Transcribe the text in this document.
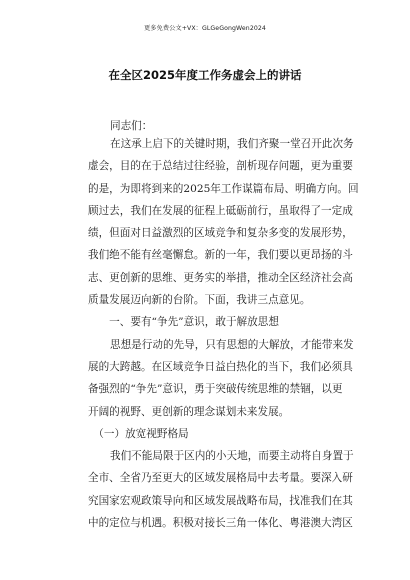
更多免费公文+VX：GLGeGongWen2024
在全区2025年度工作务虚会上的讲话
同志们：
在这承上启下的关键时期，我们齐聚一堂召开此次务
虚会，目的在于总结过往经验，剖析现存问题，更为重要
的是，为即将到来的2025年工作谋篇布局、明确方向。回
顾过去，我们在发展的征程上砥砺前行，虽取得了一定成
绩，但面对日益激烈的区域竞争和复杂多变的发展形势，
我们绝不能有丝毫懈怠。新的一年，我们要以更昂扬的斗
志、更创新的思维、更务实的举措，推动全区经济社会高
质量发展迈向新的台阶。下面，我讲三点意见。
　　一、要有“争先”意识，敢于解放思想
思想是行动的先导，只有思想的大解放，才能带来发
展的大跨越。在区域竞争日益白热化的当下，我们必须具
备强烈的“争先”意识，勇于突破传统思维的禁锢，以更
开阔的视野、更创新的理念谋划未来发展。
　（一）放宽视野格局
我们不能局限于区内的小天地，而要主动将自身置于
全市、全省乃至更大的区域发展格局中去考量。要深入研
究国家宏观政策导向和区域发展战略布局，找准我们在其
中的定位与机遇。积极对接长三角一体化、粤港澳大湾区
